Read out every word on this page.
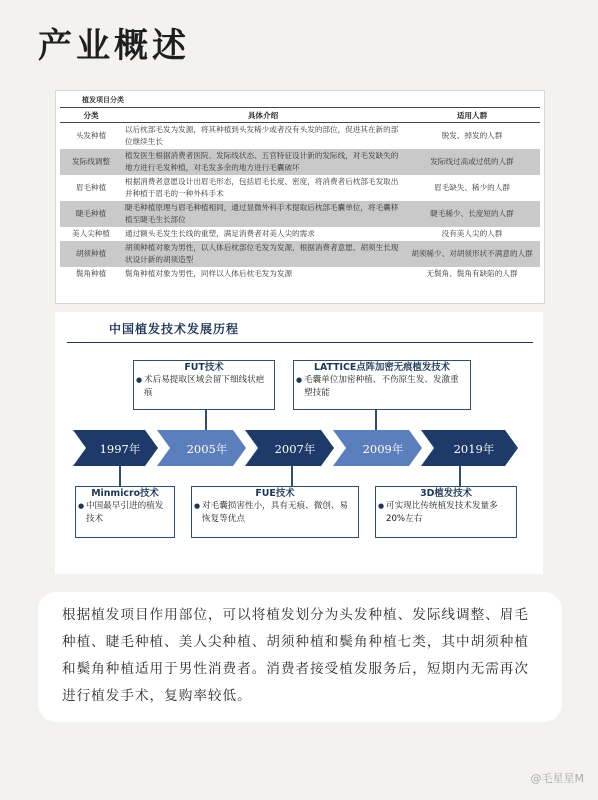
产业概述
植发项目分类
分类	具体介绍	适用人群
头发种植	以后枕部毛发为发源，将其种植到头发稀少或者没有头发的部位，促进其在新的部位继续生长	脱发、掉发的人群
发际线调整	植发医生根据消费者医院、发际线状态、五官特征设计新的发际线，对毛发缺失的地方进行毛发种植，对毛发多余的地方进行毛囊破坏	发际线过高或过低的人群
眉毛种植	根据消费者意愿设计出眉毛形态，包括眉毛长度、密度，将消费者后枕部毛发取出并种植于眉毛的一种外科手术	眉毛缺失、稀少的人群
睫毛种植	睫毛种植原理与眉毛种植相同，通过显微外科手术提取后枕部毛囊单位，将毛囊移植至睫毛生长部位	睫毛稀少、长度短的人群
美人尖种植	通过额头毛发生长线的重塑，满足消费者对美人尖的需求	没有美人尖的人群
胡须种植	胡须种植对象为男性，以人体后枕部位毛发为发源，根据消费者意愿、胡须生长现状设计新的胡须造型	胡须稀少、对胡须形状不满意的人群
鬓角种植	鬓角种植对象为男性，同样以人体后枕毛发为发源	无鬓角、鬓角有缺陷的人群
中国植发技术发展历程
1997年	2005年	2007年	2009年	2019年
FUT技术
● 术后易提取区域会留下细线状疤痕
LATTICE点阵加密无痕植发技术
● 毛囊单位加密种植、不伤原生发、发激重塑技能
Minmicro技术
● 中国最早引进的植发技术
FUE技术
● 对毛囊损害性小，具有无痕、微创、易恢复等优点
3D植发技术
● 可实现比传统植发技术发量多20%左右
根据植发项目作用部位，可以将植发划分为头发种植、发际线调整、眉毛种植、睫毛种植、美人尖种植、胡须种植和鬓角种植七类，其中胡须种植和鬓角种植适用于男性消费者。消费者接受植发服务后，短期内无需再次进行植发手术，复购率较低。
@毛星星M
